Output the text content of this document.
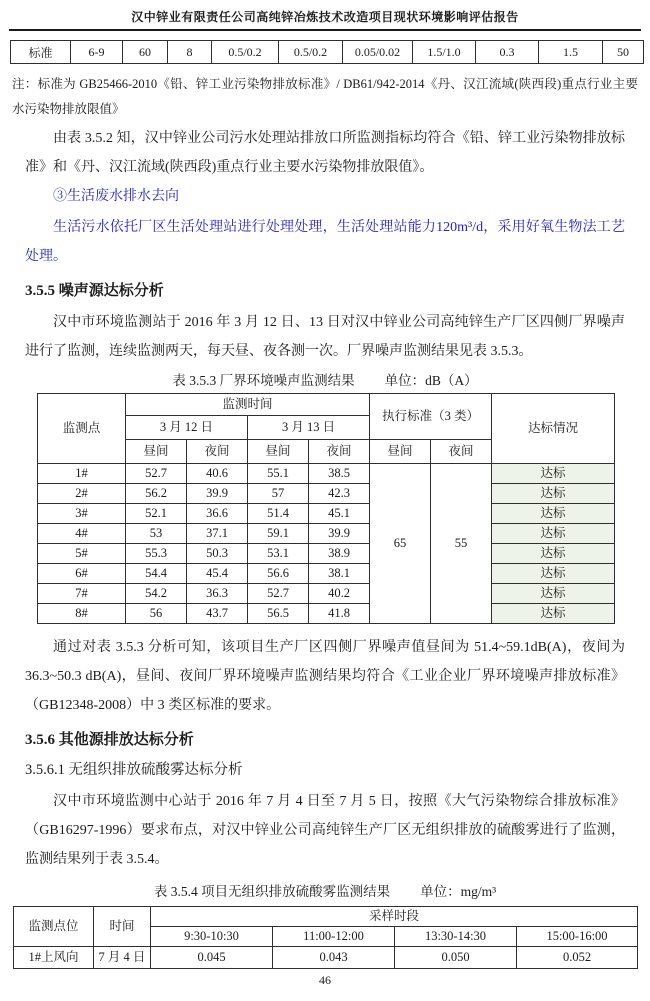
汉中锌业有限责任公司高纯锌冶炼技术改造项目现状环境影响评估报告
标准	6-9	60	8	0.5/0.2	0.5/0.2	0.05/0.02	1.5/1.0	0.3	1.5	50
注：标准为 GB25466-2010《铅、锌工业污染物排放标准》/ DB61/942-2014《丹、汉江流域(陕西段)重点行业主要水污染物排放限值》
由表 3.5.2 知，汉中锌业公司污水处理站排放口所监测指标均符合《铅、锌工业污染物排放标准》和《丹、汉江流域(陕西段)重点行业主要水污染物排放限值》。
③生活废水排水去向
生活污水依托厂区生活处理站进行处理处理，生活处理站能力120m³/d，采用好氧生物法工艺处理。
3.5.5 噪声源达标分析
汉中市环境监测站于 2016 年 3 月 12 日、13 日对汉中锌业公司高纯锌生产厂区四侧厂界噪声进行了监测，连续监测两天，每天昼、夜各测一次。厂界噪声监测结果见表 3.5.3。
表 3.5.3 厂界环境噪声监测结果 单位：dB（A）
监测点	监测时间				执行标准（3 类）		达标情况
	3 月 12 日		3 月 13 日				
	昼间	夜间	昼间	夜间	昼间	夜间	
1#	52.7	40.6	55.1	38.5	65	55	达标
2#	56.2	39.9	57	42.3			达标
3#	52.1	36.6	51.4	45.1			达标
4#	53	37.1	59.1	39.9			达标
5#	55.3	50.3	53.1	38.9			达标
6#	54.4	45.4	56.6	38.1			达标
7#	54.2	36.3	52.7	40.2			达标
8#	56	43.7	56.5	41.8			达标
通过对表 3.5.3 分析可知，该项目生产厂区四侧厂界噪声值昼间为 51.4~59.1dB(A)，夜间为 36.3~50.3 dB(A)，昼间、夜间厂界环境噪声监测结果均符合《工业企业厂界环境噪声排放标准》（GB12348-2008）中 3 类区标准的要求。
3.5.6 其他源排放达标分析
3.5.6.1 无组织排放硫酸雾达标分析
汉中市环境监测中心站于 2016 年 7 月 4 日至 7 月 5 日，按照《大气污染物综合排放标准》（GB16297-1996）要求布点，对汉中锌业公司高纯锌生产厂区无组织排放的硫酸雾进行了监测，监测结果列于表 3.5.4。
表 3.5.4 项目无组织排放硫酸雾监测结果 单位：mg/m³
监测点位	时间	采样时段			
		9:30-10:30	11:00-12:00	13:30-14:30	15:00-16:00
1#上风向	7 月 4 日	0.045	0.043	0.050	0.052
46
